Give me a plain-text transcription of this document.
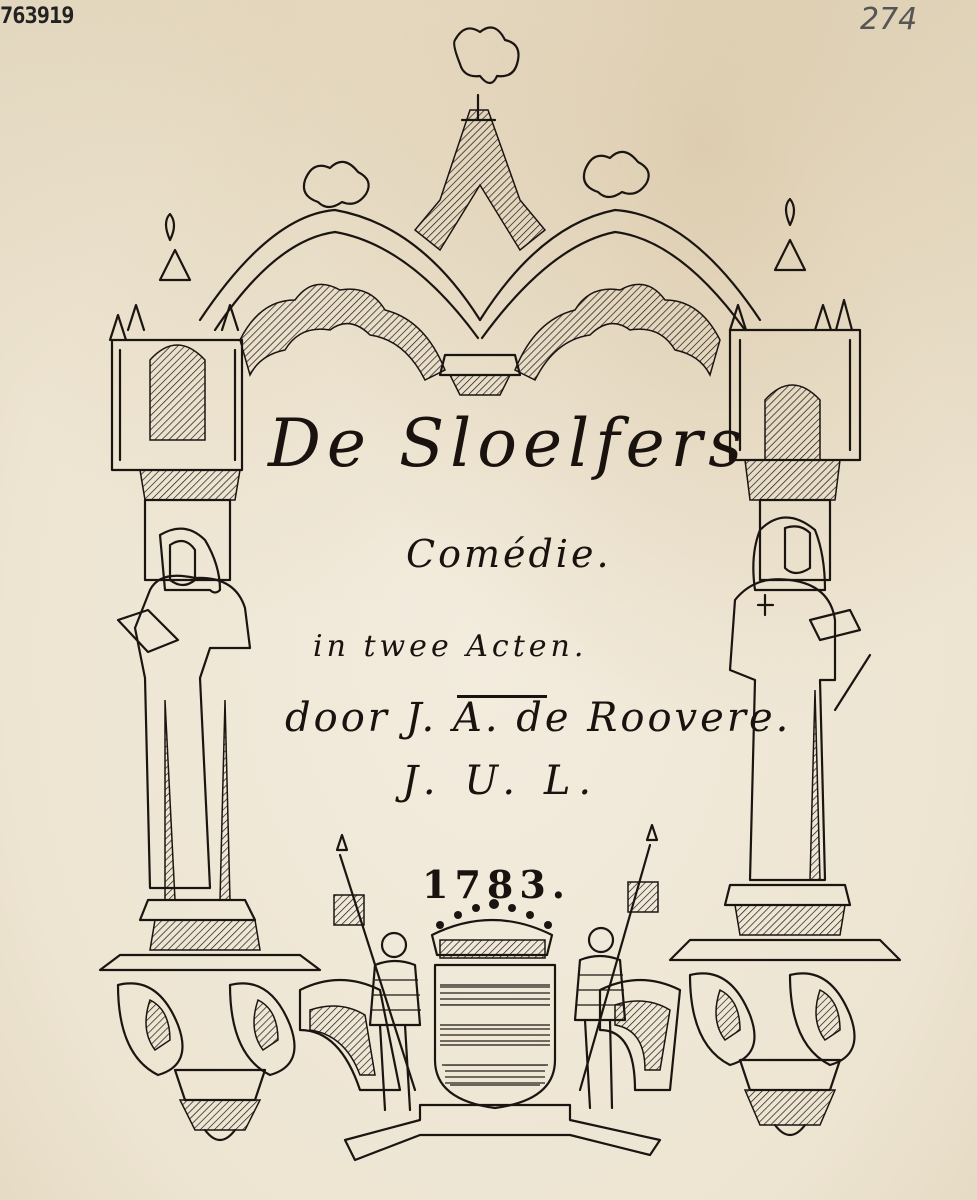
763919	274
De Sloelfers
Comédie.
in twee Acten.
door J. A. de Roovere.
J. U. L.
1783.
